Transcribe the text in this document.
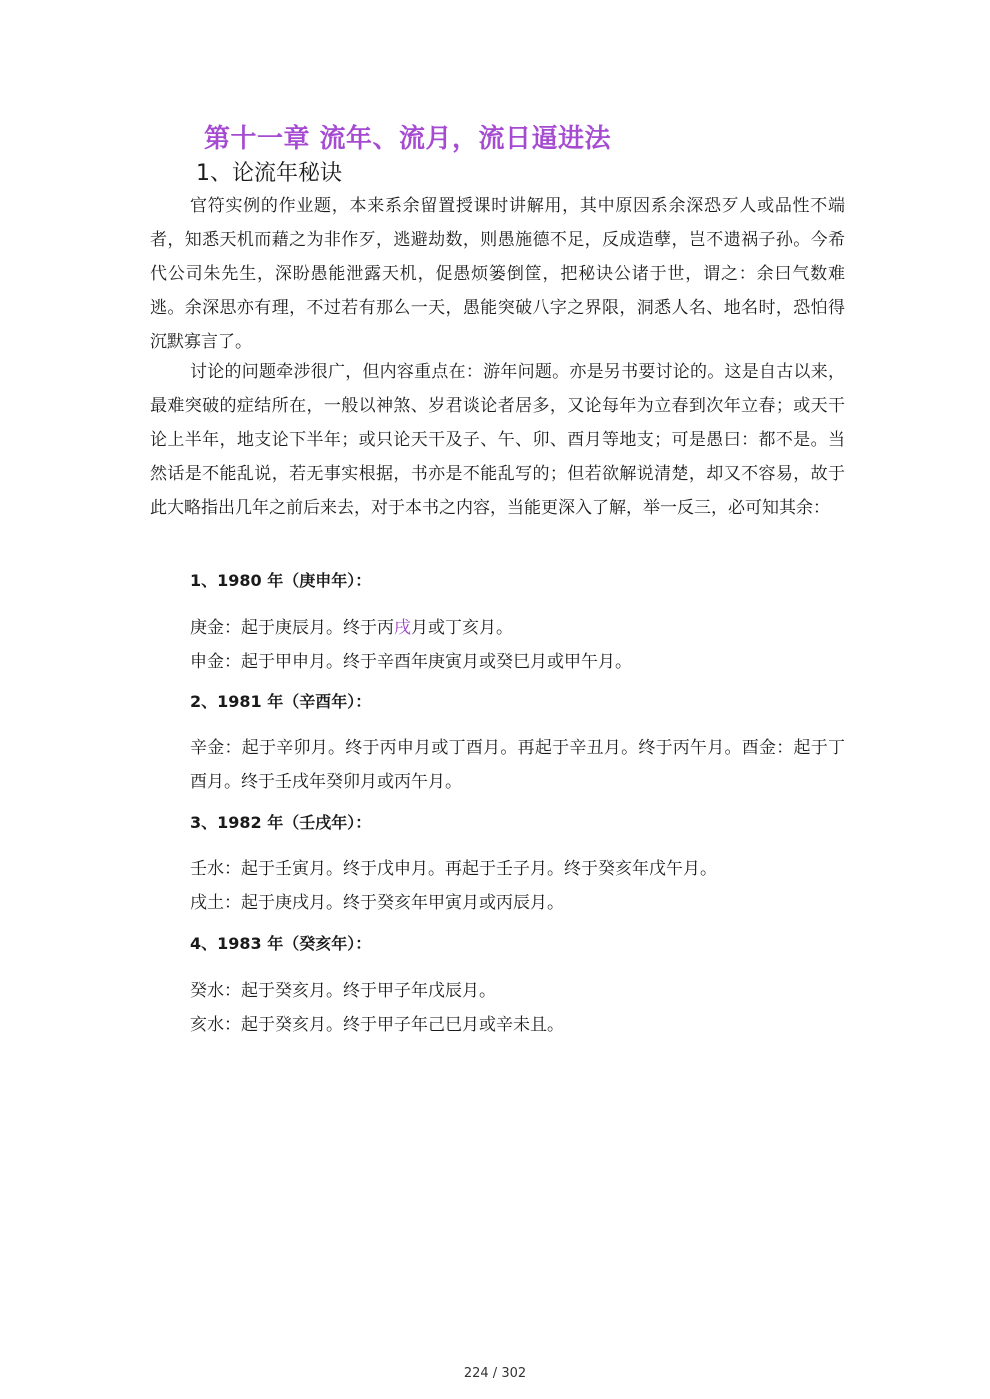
第十一章 流年、流月，流日逼进法
1、论流年秘诀

官符实例的作业题，本来系余留置授课时讲解用，其中原因系余深恐歹人或品性不端者，知悉天机而藉之为非作歹，逃避劫数，则愚施德不足，反成造孽，岂不遗祸子孙。今希代公司朱先生，深盼愚能泄露天机，促愚烦篓倒筐，把秘诀公诸于世，谓之：余曰气数难逃。余深思亦有理，不过若有那么一天，愚能突破八字之界限，洞悉人名、地名时，恐怕得沉默寡言了。

讨论的问题牵涉很广，但内容重点在：游年问题。亦是另书要讨论的。这是自古以来，最难突破的症结所在，一般以神煞、岁君谈论者居多，又论每年为立春到次年立春；或天干论上半年，地支论下半年；或只论天干及子、午、卯、酉月等地支；可是愚曰：都不是。当然话是不能乱说，若无事实根据，书亦是不能乱写的；但若欲解说清楚，却又不容易，故于此大略指出几年之前后来去，对于本书之内容，当能更深入了解，举一反三，必可知其余：

1、1980 年（庚申年）：
庚金：起于庚辰月。终于丙戌月或丁亥月。
申金：起于甲申月。终于辛酉年庚寅月或癸巳月或甲午月。
2、1981 年（辛酉年）：
辛金：起于辛卯月。终于丙申月或丁酉月。再起于辛丑月。终于丙午月。酉金：起于丁酉月。终于壬戌年癸卯月或丙午月。
3、1982 年（壬戌年）：
壬水：起于壬寅月。终于戊申月。再起于壬子月。终于癸亥年戊午月。
戌土：起于庚戌月。终于癸亥年甲寅月或丙辰月。
4、1983 年（癸亥年）：
癸水：起于癸亥月。终于甲子年戊辰月。
亥水：起于癸亥月。终于甲子年己巳月或辛未且。
224 / 302
